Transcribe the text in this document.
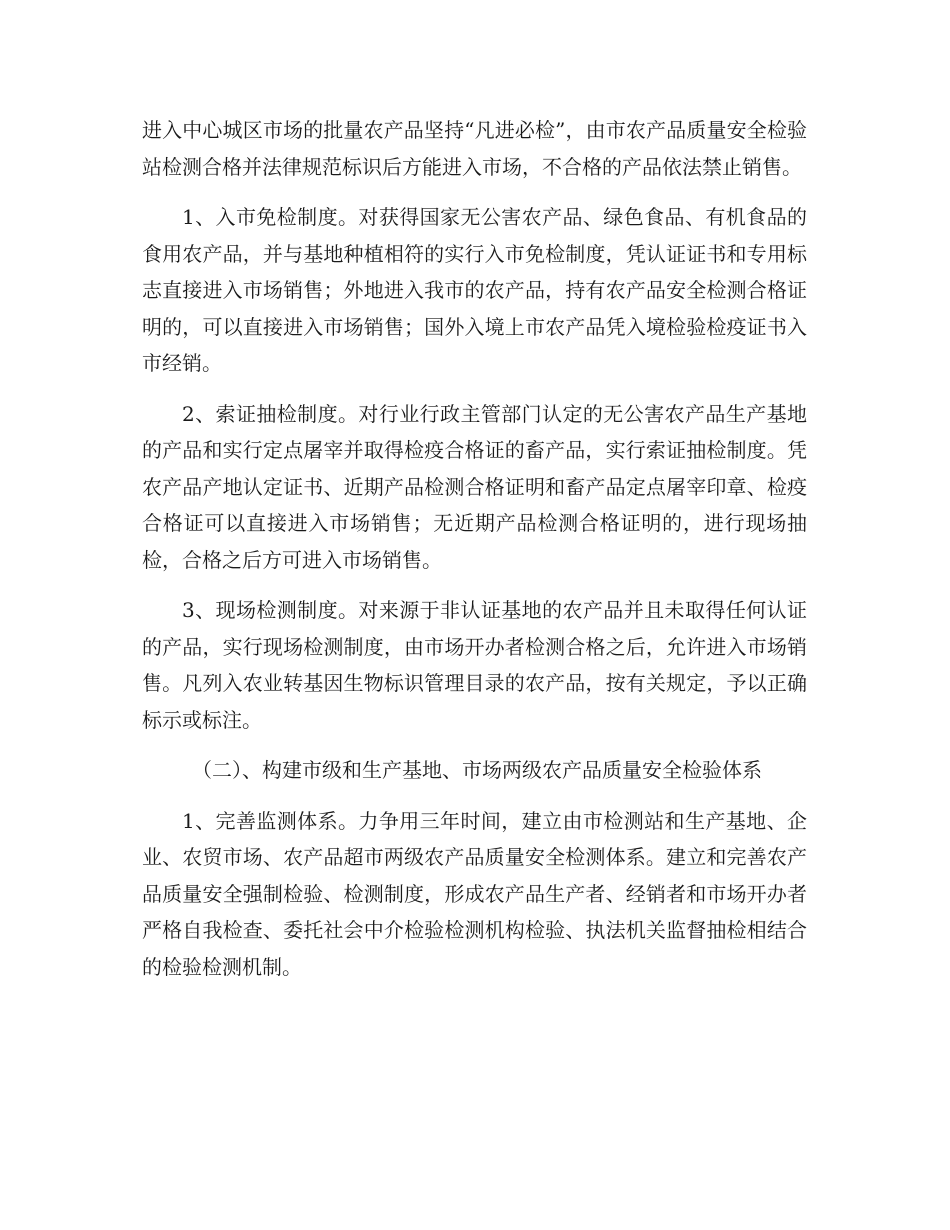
进入中心城区市场的批量农产品坚持“凡进必检”，由市农产品质量安全检验站检测合格并法律规范标识后方能进入市场，不合格的产品依法禁止销售。

1、入市免检制度。对获得国家无公害农产品、绿色食品、有机食品的食用农产品，并与基地种植相符的实行入市免检制度，凭认证证书和专用标志直接进入市场销售；外地进入我市的农产品，持有农产品安全检测合格证明的，可以直接进入市场销售；国外入境上市农产品凭入境检验检疫证书入市经销。

2、索证抽检制度。对行业行政主管部门认定的无公害农产品生产基地的产品和实行定点屠宰并取得检疫合格证的畜产品，实行索证抽检制度。凭农产品产地认定证书、近期产品检测合格证明和畜产品定点屠宰印章、检疫合格证可以直接进入市场销售；无近期产品检测合格证明的，进行现场抽检，合格之后方可进入市场销售。

3、现场检测制度。对来源于非认证基地的农产品并且未取得任何认证的产品，实行现场检测制度，由市场开办者检测合格之后，允许进入市场销售。凡列入农业转基因生物标识管理目录的农产品，按有关规定，予以正确标示或标注。

（二）、构建市级和生产基地、市场两级农产品质量安全检验体系

1、完善监测体系。力争用三年时间，建立由市检测站和生产基地、企业、农贸市场、农产品超市两级农产品质量安全检测体系。建立和完善农产品质量安全强制检验、检测制度，形成农产品生产者、经销者和市场开办者严格自我检查、委托社会中介检验检测机构检验、执法机关监督抽检相结合的检验检测机制。
